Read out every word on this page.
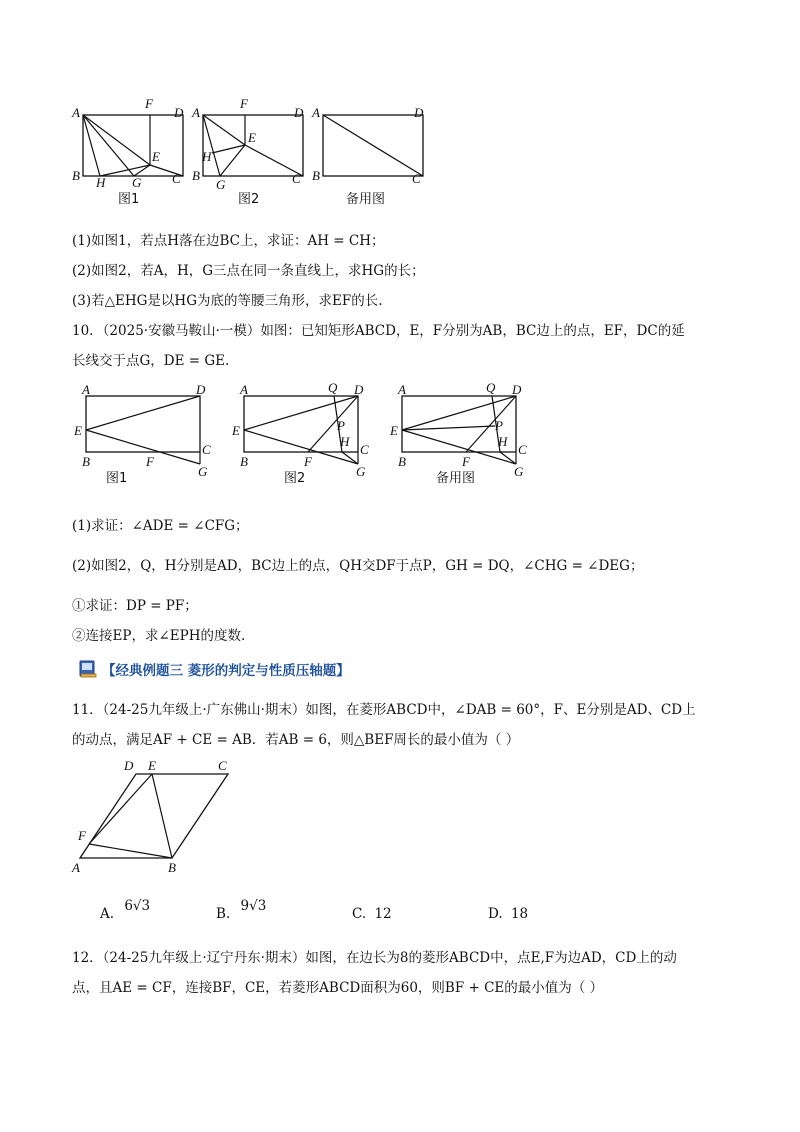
A
B	C
D
E
F
G
H
图1
A
B	C
D
E
F
G
H
图2
A
B	C
D
备用图
(1)如图1，若点H落在边BC上，求证：AH = CH；
(2)如图2，若A，H，G三点在同一条直线上，求HG的长；
(3)若△EHG是以HG为底的等腰三角形，求EF的长.
10．（2025·安徽马鞍山·一模）如图：已知矩形ABCD，E，F分别为AB，BC边上的点，EF，DC的延
长线交于点G，DE = GE.
A
B
C
D
E
F
G
图1
A
B
C
D
E
F
G
H
P
Q
图2
A
B
C
D
E
F
G
H
P
Q
备用图
(1)求证：∠ADE = ∠CFG；
(2)如图2，Q，H分别是AD，BC边上的点，QH交DF于点P，GH = DQ，∠CHG = ∠DEG；
①求证：DP = PF；
②连接EP，求∠EPH的度数.
【经典例题三 菱形的判定与性质压轴题】
11．（24-25九年级上·广东佛山·期末）如图，在菱形ABCD中，∠DAB = 60°，F、E分别是AD、CD上
的动点，满足AF + CE = AB．若AB = 6，则△BEF周长的最小值为（ ）
A	B
C
D E
F
A. 6√3	B. 9√3	C. 12	D. 18
12．（24-25九年级上·辽宁丹东·期末）如图，在边长为8的菱形ABCD中，点E,F为边AD，CD上的动
点，且AE = CF，连接BF，CE，若菱形ABCD面积为60，则BF + CE的最小值为（ ）
